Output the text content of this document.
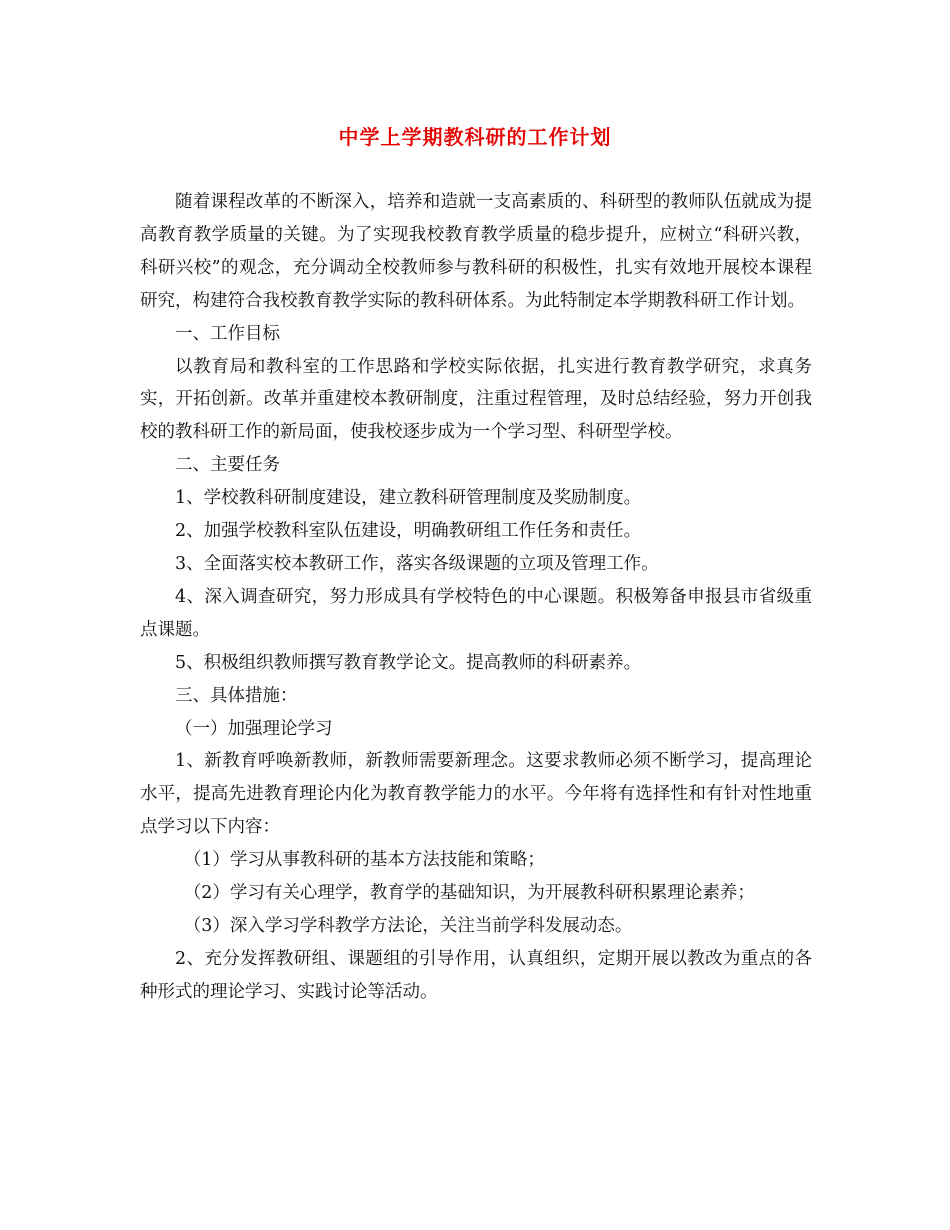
中学上学期教科研的工作计划

随着课程改革的不断深入，培养和造就一支高素质的、科研型的教师队伍就成为提高教育教学质量的关键。为了实现我校教育教学质量的稳步提升，应树立“科研兴教，科研兴校”的观念，充分调动全校教师参与教科研的积极性，扎实有效地开展校本课程研究，构建符合我校教育教学实际的教科研体系。为此特制定本学期教科研工作计划。

一、工作目标

以教育局和教科室的工作思路和学校实际依据，扎实进行教育教学研究，求真务实，开拓创新。改革并重建校本教研制度，注重过程管理，及时总结经验，努力开创我校的教科研工作的新局面，使我校逐步成为一个学习型、科研型学校。

二、主要任务

1、学校教科研制度建设，建立教科研管理制度及奖励制度。

2、加强学校教科室队伍建设，明确教研组工作任务和责任。

3、全面落实校本教研工作，落实各级课题的立项及管理工作。

4、深入调查研究，努力形成具有学校特色的中心课题。积极筹备申报县市省级重点课题。

5、积极组织教师撰写教育教学论文。提高教师的科研素养。

三、具体措施：

（一）加强理论学习

1、新教育呼唤新教师，新教师需要新理念。这要求教师必须不断学习，提高理论水平，提高先进教育理论内化为教育教学能力的水平。今年将有选择性和有针对性地重点学习以下内容：

（1）学习从事教科研的基本方法技能和策略；

（2）学习有关心理学，教育学的基础知识，为开展教科研积累理论素养；

（3）深入学习学科教学方法论，关注当前学科发展动态。

2、充分发挥教研组、课题组的引导作用，认真组织，定期开展以教改为重点的各种形式的理论学习、实践讨论等活动。
